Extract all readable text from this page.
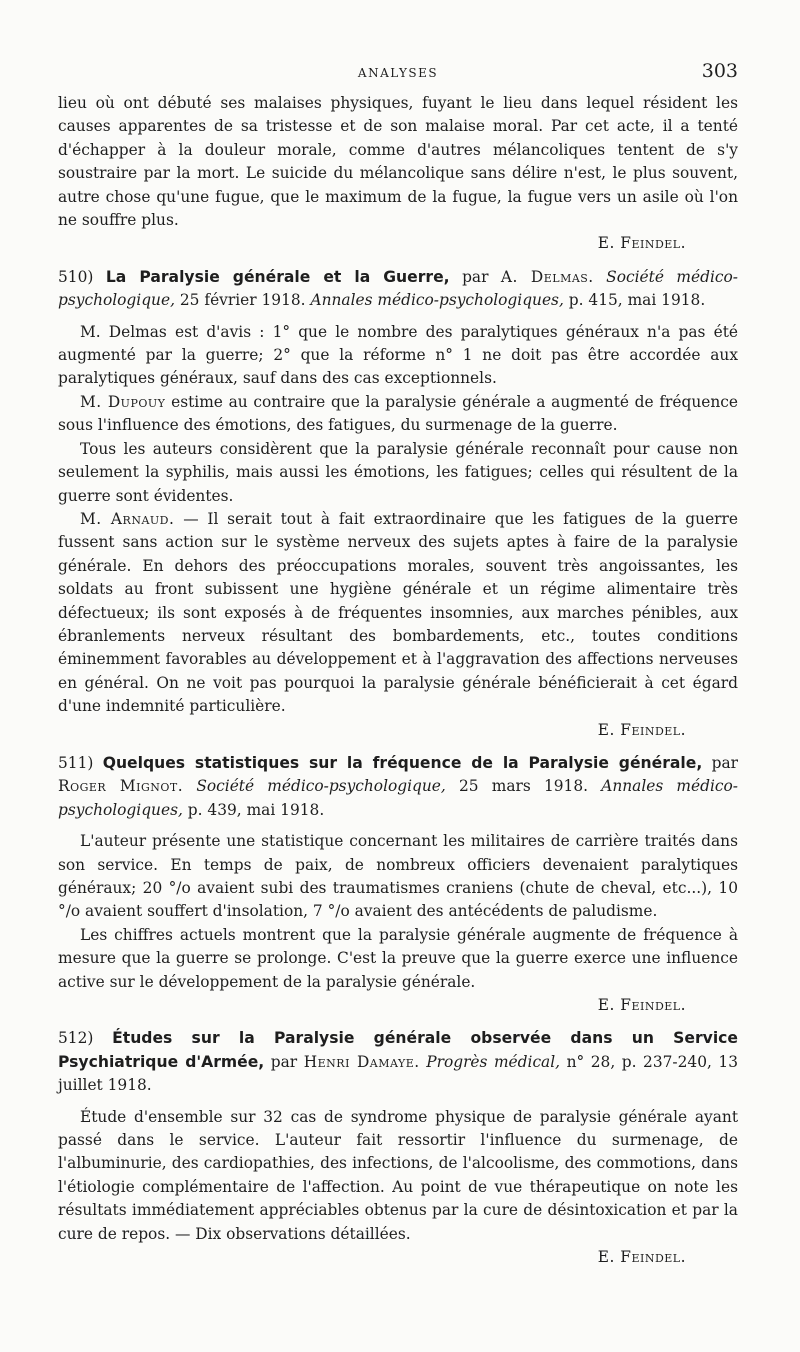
ANALYSES	303

lieu où ont débuté ses malaises physiques, fuyant le lieu dans lequel résident les causes apparentes de sa tristesse et de son malaise moral. Par cet acte, il a tenté d'échapper à la douleur morale, comme d'autres mélancoliques tentent de s'y soustraire par la mort. Le suicide du mélancolique sans délire n'est, le plus souvent, autre chose qu'une fugue, que le maximum de la fugue, la fugue vers un asile où l'on ne souffre plus.

E. Feindel.

510) La Paralysie générale et la Guerre, par A. Delmas. Société médico-psychologique, 25 février 1918. Annales médico-psychologiques, p. 415, mai 1918.

M. Delmas est d'avis : 1° que le nombre des paralytiques généraux n'a pas été augmenté par la guerre; 2° que la réforme n° 1 ne doit pas être accordée aux paralytiques généraux, sauf dans des cas exceptionnels.

M. Dupouy estime au contraire que la paralysie générale a augmenté de fréquence sous l'influence des émotions, des fatigues, du surmenage de la guerre.

Tous les auteurs considèrent que la paralysie générale reconnaît pour cause non seulement la syphilis, mais aussi les émotions, les fatigues; celles qui résultent de la guerre sont évidentes.

M. Arnaud. — Il serait tout à fait extraordinaire que les fatigues de la guerre fussent sans action sur le système nerveux des sujets aptes à faire de la paralysie générale. En dehors des préoccupations morales, souvent très angoissantes, les soldats au front subissent une hygiène générale et un régime alimentaire très défectueux; ils sont exposés à de fréquentes insomnies, aux marches pénibles, aux ébranlements nerveux résultant des bombardements, etc., toutes conditions éminemment favorables au développement et à l'aggravation des affections nerveuses en général. On ne voit pas pourquoi la paralysie générale bénéficierait à cet égard d'une indemnité particulière.

E. Feindel.

511) Quelques statistiques sur la fréquence de la Paralysie générale, par Roger Mignot. Société médico-psychologique, 25 mars 1918. Annales médico-psychologiques, p. 439, mai 1918.

L'auteur présente une statistique concernant les militaires de carrière traités dans son service. En temps de paix, de nombreux officiers devenaient paralytiques généraux; 20 °/o avaient subi des traumatismes craniens (chute de cheval, etc...), 10 °/o avaient souffert d'insolation, 7 °/o avaient des antécédents de paludisme.

Les chiffres actuels montrent que la paralysie générale augmente de fréquence à mesure que la guerre se prolonge. C'est la preuve que la guerre exerce une influence active sur le développement de la paralysie générale.

E. Feindel.

512) Études sur la Paralysie générale observée dans un Service Psychiatrique d'Armée, par Henri Damaye. Progrès médical, n° 28, p. 237-240, 13 juillet 1918.

Étude d'ensemble sur 32 cas de syndrome physique de paralysie générale ayant passé dans le service. L'auteur fait ressortir l'influence du surmenage, de l'albuminurie, des cardiopathies, des infections, de l'alcoolisme, des commotions, dans l'étiologie complémentaire de l'affection. Au point de vue thérapeutique on note les résultats immédiatement appréciables obtenus par la cure de désintoxication et par la cure de repos. — Dix observations détaillées.

E. Feindel.
